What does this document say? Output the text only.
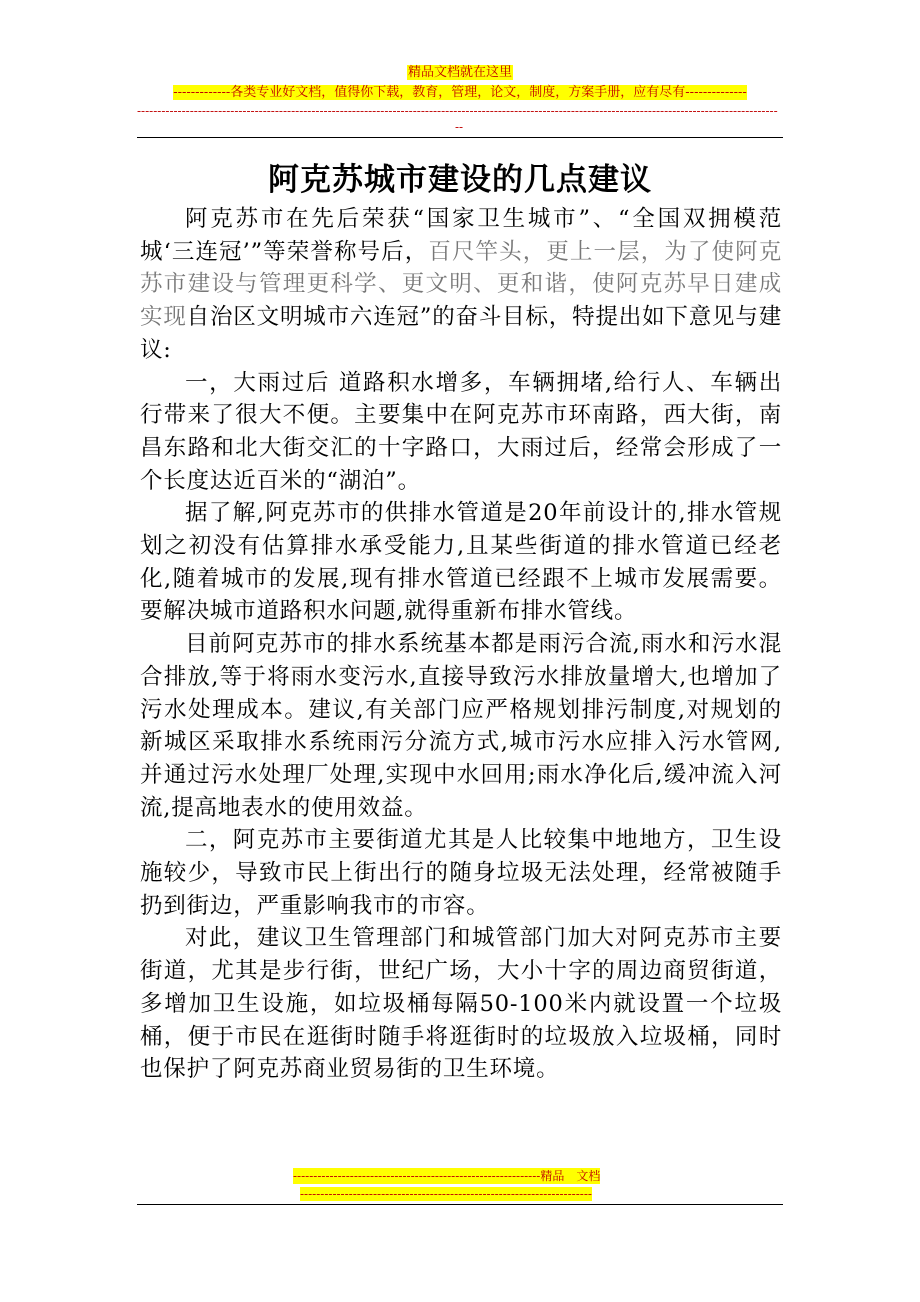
精品文档就在这里
-------------各类专业好文档，值得你下载，教育，管理，论文，制度，方案手册，应有尽有--------------
--------------------------------------------------------------------------------------------------------------------------------------------------------------
--
阿克苏城市建设的几点建议

阿克苏市在先后荣获“国家卫生城市”、“全国双拥模范城‘三连冠’”等荣誉称号后，百尺竿头，更上一层，为了使阿克苏市建设与管理更科学、更文明、更和谐，使阿克苏早日建成实现自治区文明城市六连冠”的奋斗目标，特提出如下意见与建议:

一，大雨过后 道路积水增多，车辆拥堵,给行人、车辆出行带来了很大不便。主要集中在阿克苏市环南路，西大街，南昌东路和北大街交汇的十字路口，大雨过后，经常会形成了一个长度达近百米的“湖泊”。

据了解,阿克苏市的供排水管道是20年前设计的,排水管规划之初没有估算排水承受能力,且某些街道的排水管道已经老化,随着城市的发展,现有排水管道已经跟不上城市发展需要。要解决城市道路积水问题,就得重新布排水管线。

目前阿克苏市的排水系统基本都是雨污合流,雨水和污水混合排放,等于将雨水变污水,直接导致污水排放量增大,也增加了污水处理成本。建议,有关部门应严格规划排污制度,对规划的新城区采取排水系统雨污分流方式,城市污水应排入污水管网,并通过污水处理厂处理,实现中水回用;雨水净化后,缓冲流入河流,提高地表水的使用效益。

二，阿克苏市主要街道尤其是人比较集中地地方，卫生设施较少，导致市民上街出行的随身垃圾无法处理，经常被随手扔到街边，严重影响我市的市容。

对此，建议卫生管理部门和城管部门加大对阿克苏市主要街道，尤其是步行街，世纪广场，大小十字的周边商贸街道，多增加卫生设施，如垃圾桶每隔50-100米内就设置一个垃圾桶，便于市民在逛街时随手将逛街时的垃圾放入垃圾桶，同时也保护了阿克苏商业贸易街的卫生环境。

-------------------------------------------------------------精品　文档
------------------------------------------------------------------------
